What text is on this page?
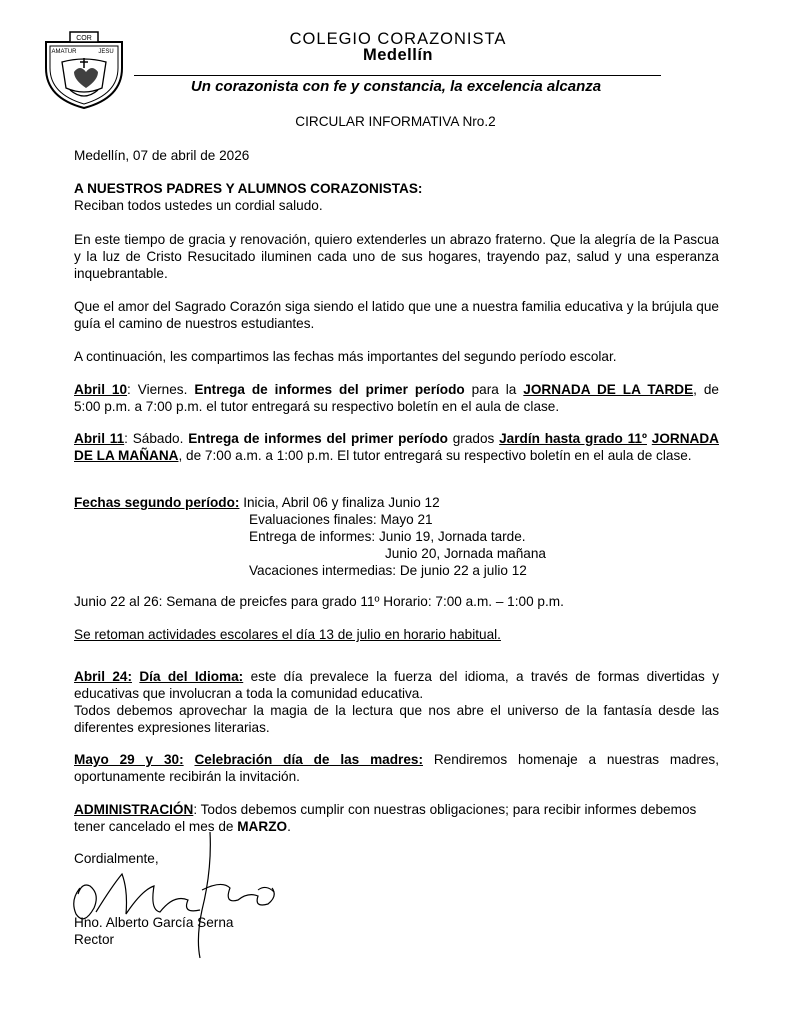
COR
AMATUR	JESU
COLEGIO CORAZONISTA
Medellín
Un corazonista con fe y constancia, la excelencia alcanza
CIRCULAR INFORMATIVA Nro.2
Medellín, 07 de abril de 2026
A NUESTROS PADRES Y ALUMNOS CORAZONISTAS:
Reciban todos ustedes un cordial saludo.
En este tiempo de gracia y renovación, quiero extenderles un abrazo fraterno. Que la alegría de la Pascua y la luz de Cristo Resucitado iluminen cada uno de sus hogares, trayendo paz, salud y una esperanza inquebrantable.
Que el amor del Sagrado Corazón siga siendo el latido que une a nuestra familia educativa y la brújula que guía el camino de nuestros estudiantes.
A continuación, les compartimos las fechas más importantes del segundo período escolar.
Abril 10: Viernes. Entrega de informes del primer período para la JORNADA DE LA TARDE, de
5:00 p.m. a 7:00 p.m. el tutor entregará su respectivo boletín en el aula de clase.
Abril 11: Sábado. Entrega de informes del primer período grados Jardín hasta grado 11º JORNADA DE LA MAÑANA, de 7:00 a.m. a 1:00 p.m. El tutor entregará su respectivo boletín en el aula de clase.
Fechas segundo período: Inicia, Abril 06 y finaliza Junio 12
Evaluaciones finales: Mayo 21
Entrega de informes: Junio 19, Jornada tarde.
Junio 20, Jornada mañana
Vacaciones intermedias: De junio 22 a julio 12
Junio 22 al 26: Semana de preicfes para grado 11º Horario: 7:00 a.m. – 1:00 p.m.
Se retoman actividades escolares el día 13 de julio en horario habitual.
Abril 24: Día del Idioma: este día prevalece la fuerza del idioma, a través de formas divertidas y educativas que involucran a toda la comunidad educativa.
Todos debemos aprovechar la magia de la lectura que nos abre el universo de la fantasía desde las diferentes expresiones literarias.
Mayo 29 y 30: Celebración día de las madres: Rendiremos homenaje a nuestras madres, oportunamente recibirán la invitación.
ADMINISTRACIÓN: Todos debemos cumplir con nuestras obligaciones; para recibir informes debemos tener cancelado el mes de MARZO.
Cordialmente,
Hno. Alberto García Serna
Rector
